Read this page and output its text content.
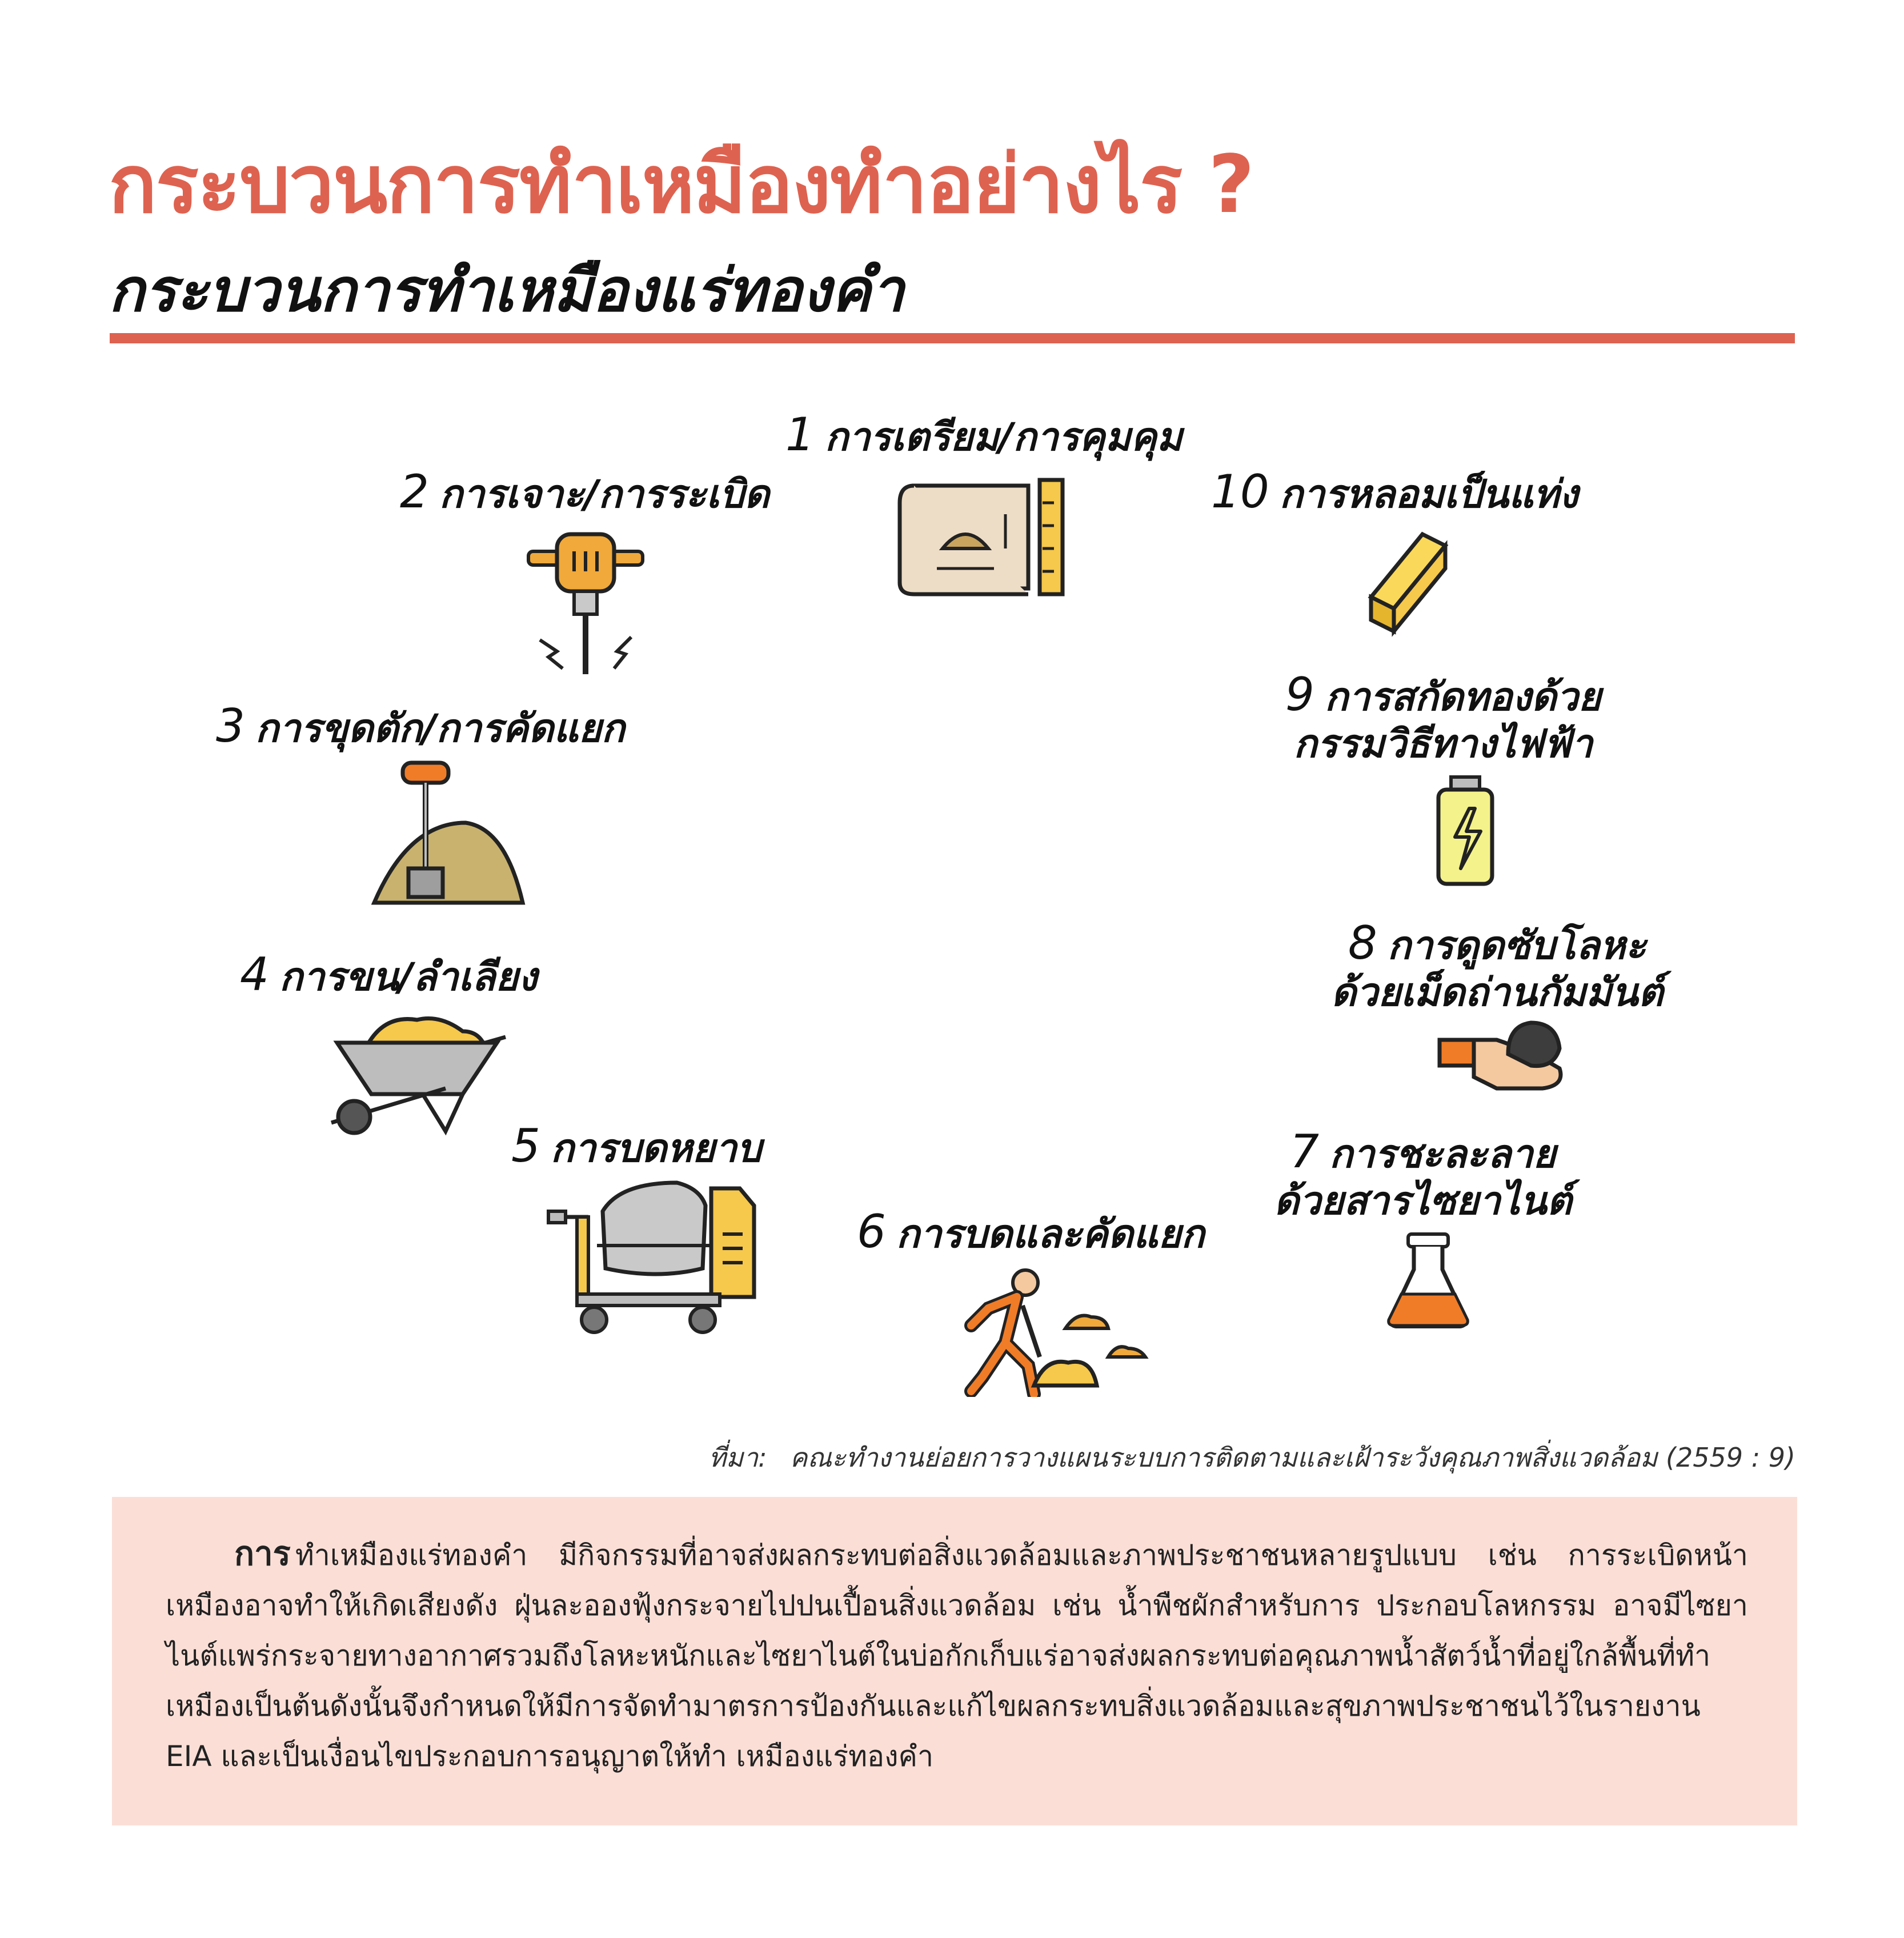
กระบวนการทำเหมืองทำอย่างไร ?
กระบวนการทำเหมืองแร่ทองคำ
1 การเตรียม/การคุมคุม
2 การเจาะ/การระเบิด
3 การขุดตัก/การคัดแยก
4 การขน/ลำเลียง
5 การบดหยาบ
6 การบดและคัดแยก
7 การชะละลาย
ด้วยสารไซยาไนต์
8 การดูดซับโลหะ
ด้วยเม็ดถ่านกัมมันต์
9 การสกัดทองด้วย
กรรมวิธีทางไฟฟ้า
10 การหลอมเป็นแท่ง
ที่มา: คณะทำงานย่อยการวางแผนระบบการติดตามและเฝ้าระวังคุณภาพสิ่งแวดล้อม (2559 : 9)
การ ทำเหมืองแร่ทองคำ มีกิจกรรมที่อาจส่งผลกระทบต่อสิ่งแวดล้อมและภาพประชาชนหลายรูปแบบ เช่น การระเบิดหน้าเหมืองอาจทำให้เกิดเสียงดัง ฝุ่นละอองฟุ้งกระจายไปปนเปื้อนสิ่งแวดล้อม เช่น น้ำพืชผักสำหรับการ ประกอบโลหกรรม อาจมีไซยาไนต์แพร่กระจายทางอากาศรวมถึงโลหะหนักและไซยาไนต์ในบ่อกักเก็บแร่อาจส่งผลกระทบต่อคุณภาพน้ำสัตว์น้ำที่อยู่ใกล้พื้นที่ทำเหมืองเป็นต้นดังนั้นจึงกำหนดให้มีการจัดทำมาตรการป้องกันและแก้ไขผลกระทบสิ่งแวดล้อมและสุขภาพประชาชนไว้ในรายงาน EIA และเป็นเงื่อนไขประกอบการอนุญาตให้ทำ เหมืองแร่ทองคำ
